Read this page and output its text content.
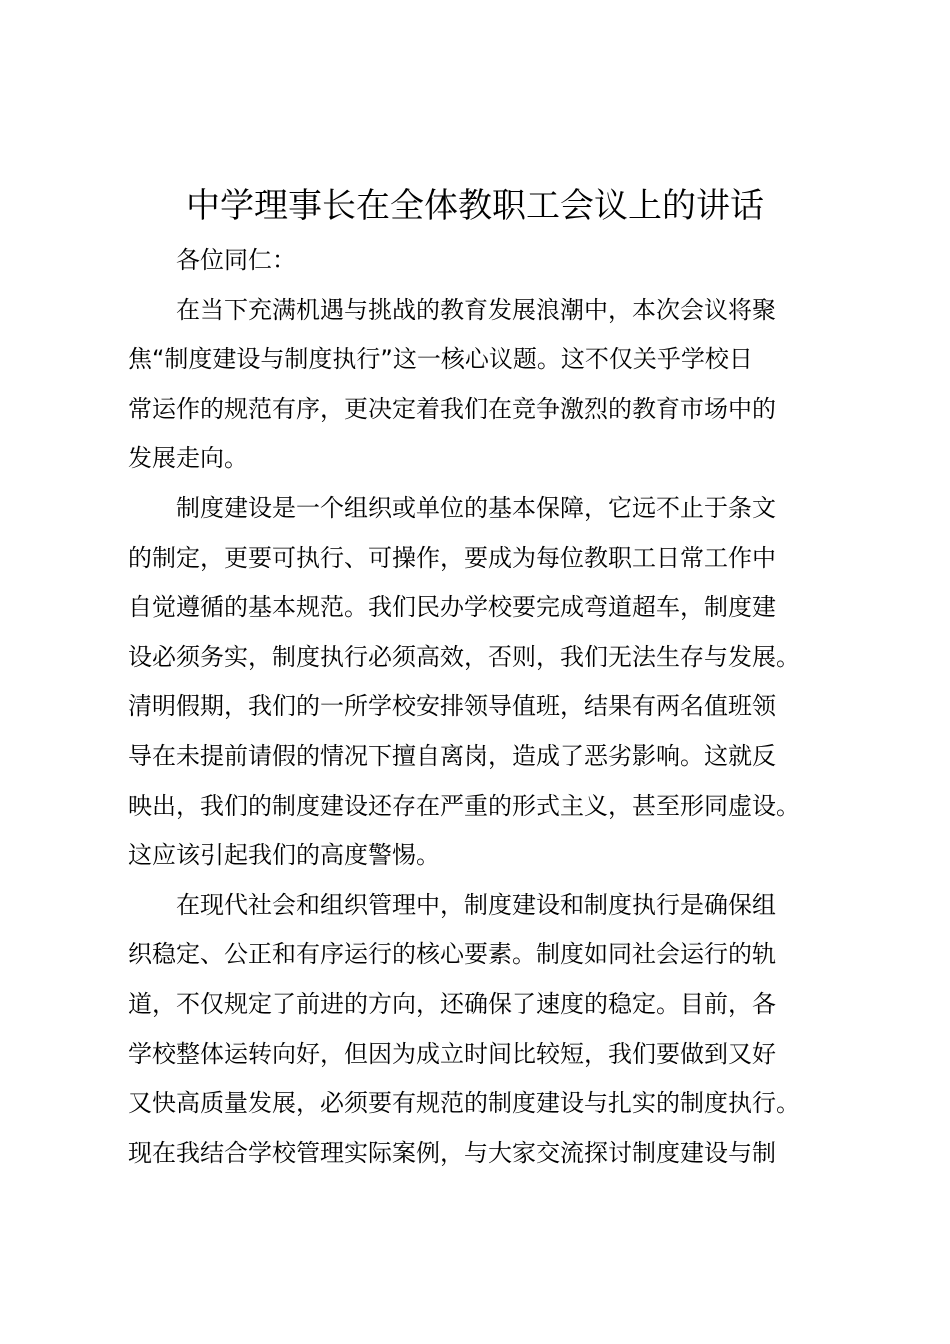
中学理事长在全体教职工会议上的讲话
各位同仁：
在当下充满机遇与挑战的教育发展浪潮中，本次会议将聚
焦“制度建设与制度执行”这一核心议题。这不仅关乎学校日
常运作的规范有序，更决定着我们在竞争激烈的教育市场中的
发展走向。
制度建设是一个组织或单位的基本保障，它远不止于条文
的制定，更要可执行、可操作，要成为每位教职工日常工作中
自觉遵循的基本规范。我们民办学校要完成弯道超车，制度建
设必须务实，制度执行必须高效，否则，我们无法生存与发展。
清明假期，我们的一所学校安排领导值班，结果有两名值班领
导在未提前请假的情况下擅自离岗，造成了恶劣影响。这就反
映出，我们的制度建设还存在严重的形式主义，甚至形同虚设。
这应该引起我们的高度警惕。
在现代社会和组织管理中，制度建设和制度执行是确保组
织稳定、公正和有序运行的核心要素。制度如同社会运行的轨
道，不仅规定了前进的方向，还确保了速度的稳定。目前，各
学校整体运转向好，但因为成立时间比较短，我们要做到又好
又快高质量发展，必须要有规范的制度建设与扎实的制度执行。
现在我结合学校管理实际案例，与大家交流探讨制度建设与制
